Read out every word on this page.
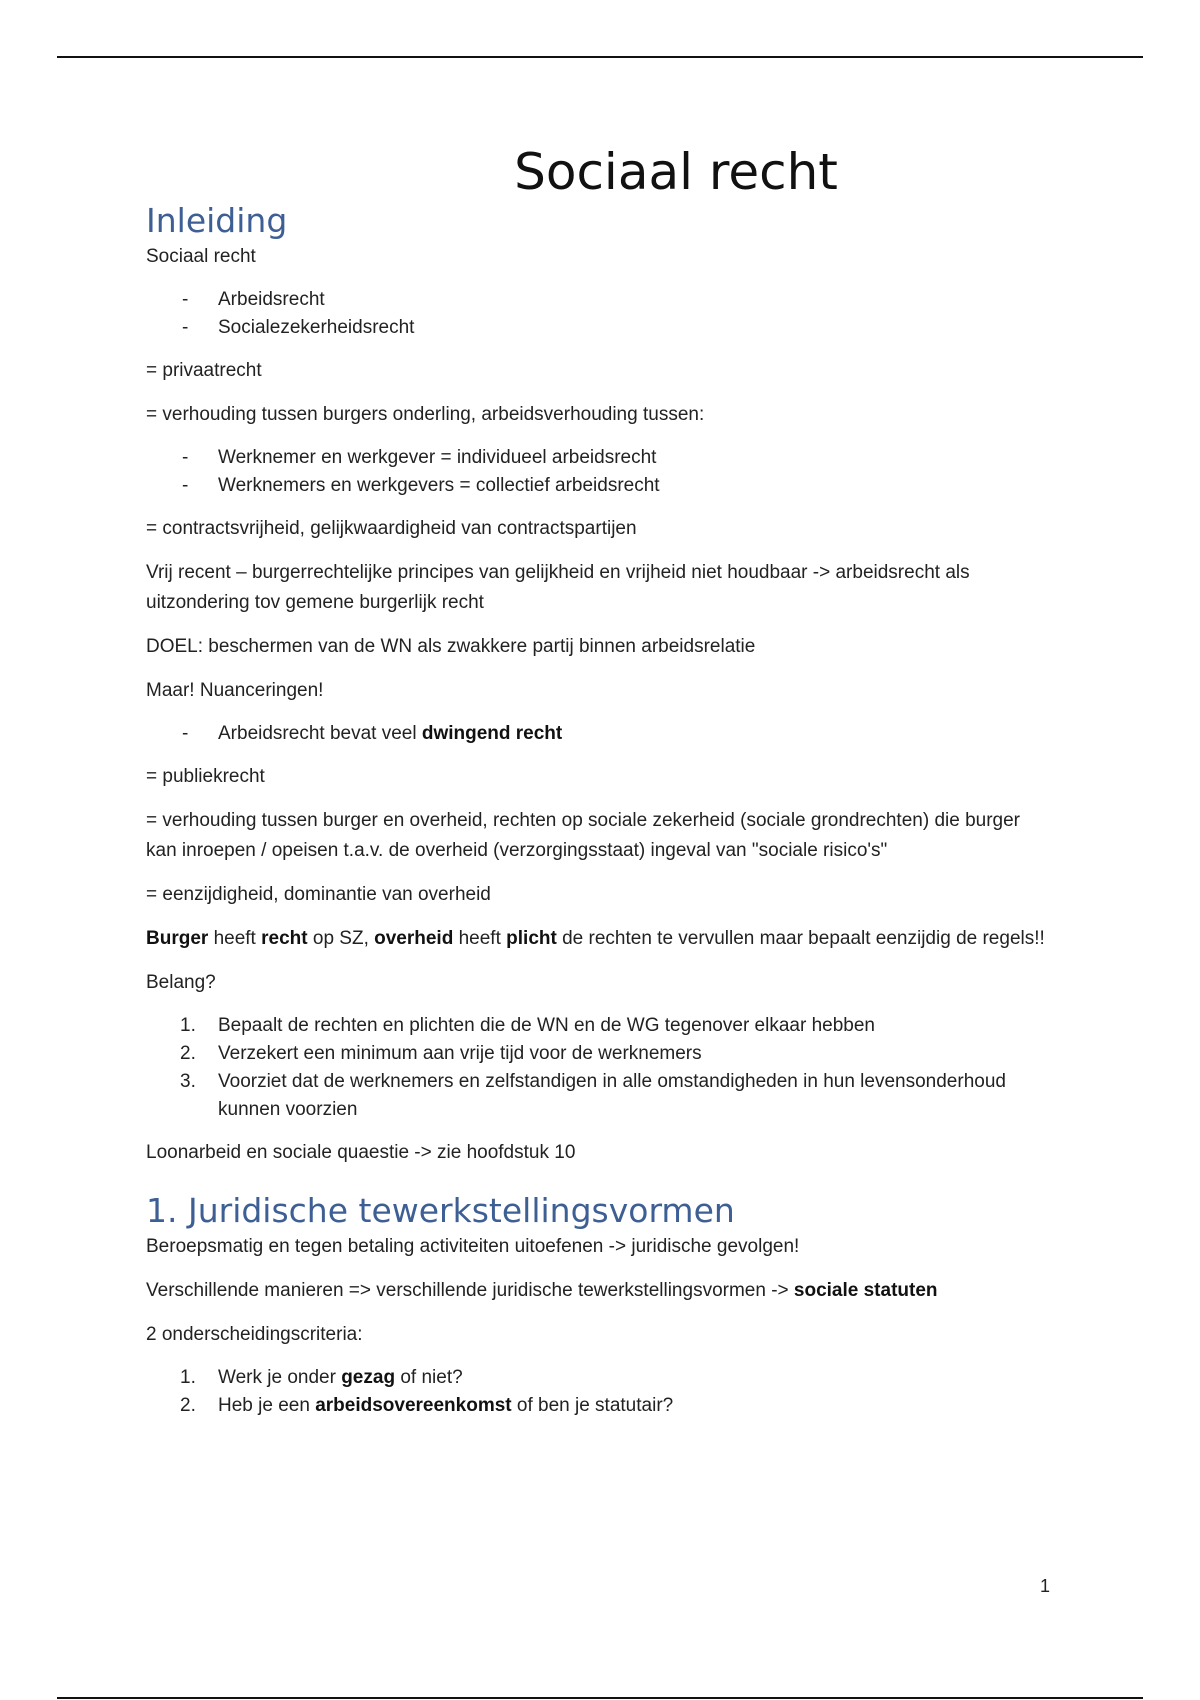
Sociaal recht
Inleiding

Sociaal recht

- Arbeidsrecht
- Socialezekerheidsrecht

= privaatrecht

= verhouding tussen burgers onderling, arbeidsverhouding tussen:

- Werknemer en werkgever = individueel arbeidsrecht
- Werknemers en werkgevers = collectief arbeidsrecht

= contractsvrijheid, gelijkwaardigheid van contractspartijen

Vrij recent – burgerrechtelijke principes van gelijkheid en vrijheid niet houdbaar -> arbeidsrecht als uitzondering tov gemene burgerlijk recht

DOEL: beschermen van de WN als zwakkere partij binnen arbeidsrelatie

Maar! Nuanceringen!

- Arbeidsrecht bevat veel dwingend recht

= publiekrecht

= verhouding tussen burger en overheid, rechten op sociale zekerheid (sociale grondrechten) die burger kan inroepen / opeisen t.a.v. de overheid (verzorgingsstaat) ingeval van "sociale risico's"

= eenzijdigheid, dominantie van overheid

Burger heeft recht op SZ, overheid heeft plicht de rechten te vervullen maar bepaalt eenzijdig de regels!!

Belang?

1. Bepaalt de rechten en plichten die de WN en de WG tegenover elkaar hebben
2. Verzekert een minimum aan vrije tijd voor de werknemers
3. Voorziet dat de werknemers en zelfstandigen in alle omstandigheden in hun levensonderhoud kunnen voorzien

Loonarbeid en sociale quaestie -> zie hoofdstuk 10

1. Juridische tewerkstellingsvormen

Beroepsmatig en tegen betaling activiteiten uitoefenen -> juridische gevolgen!

Verschillende manieren => verschillende juridische tewerkstellingsvormen -> sociale statuten

2 onderscheidingscriteria:

1. Werk je onder gezag of niet?
2. Heb je een arbeidsovereenkomst of ben je statutair?
1
